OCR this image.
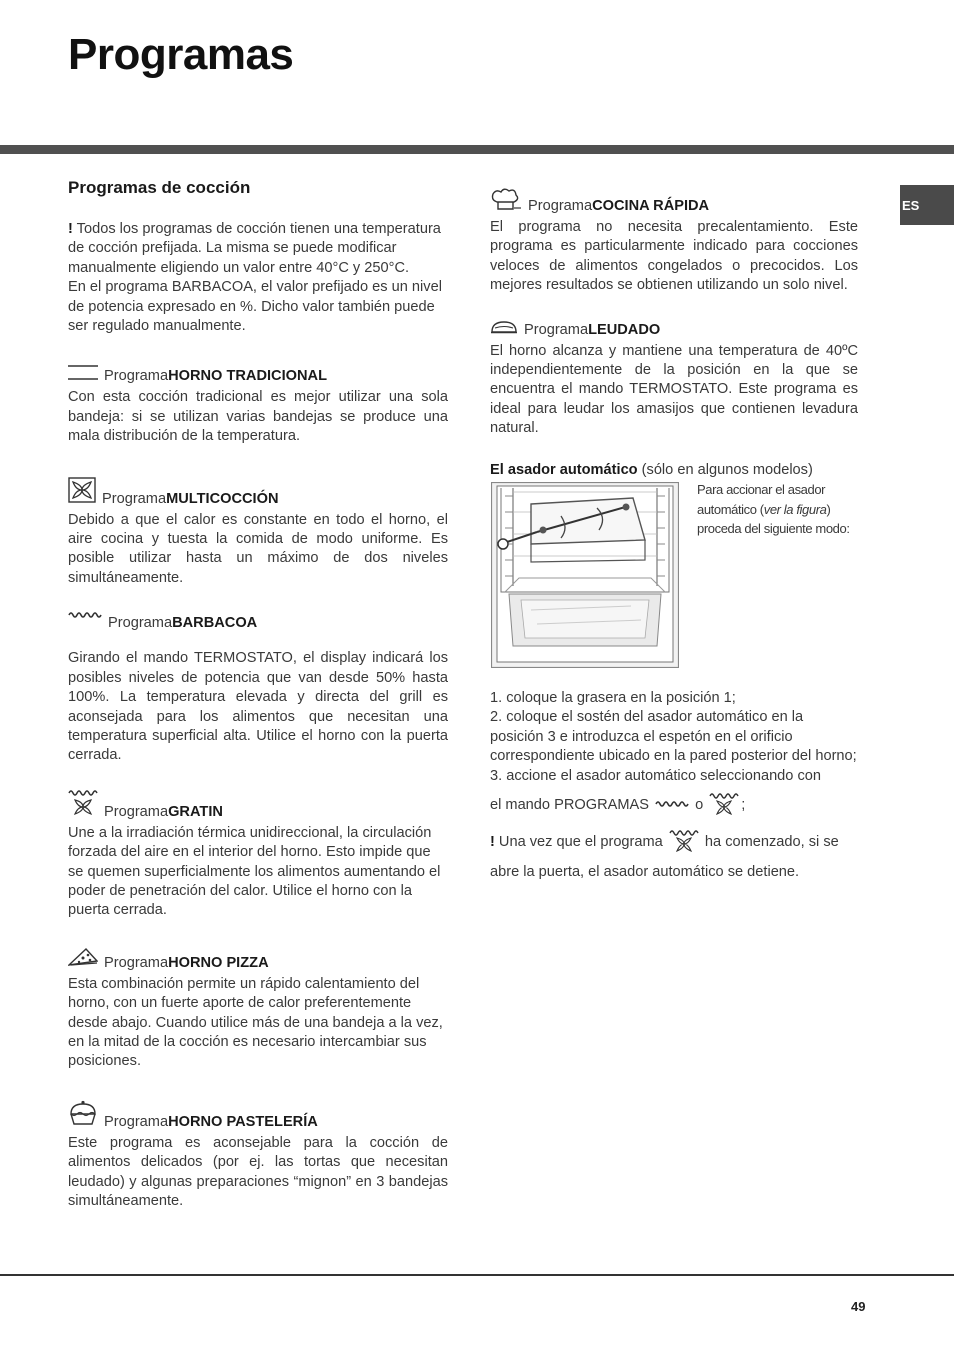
Programas
ES
Programas de cocción

! Todos los programas de cocción tienen una temperatura de cocción prefijada. La misma se puede modificar manualmente eligiendo un valor entre 40°C y 250°C.
En el programa BARBACOA, el valor prefijado es un nivel de potencia expresado en %. Dicho valor también puede ser regulado manualmente.

Programa HORNO TRADICIONAL

Con esta cocción tradicional es mejor utilizar una sola bandeja: si se utilizan varias bandejas se produce una mala distribución de la temperatura.

Programa MULTICOCCIÓN

Debido a que el calor es constante en todo el horno, el aire cocina y tuesta la comida de modo uniforme. Es posible utilizar hasta un máximo de dos niveles simultáneamente.

Programa BARBACOA

Girando el mando TERMOSTATO, el display indicará los posibles niveles de potencia que van desde 50% hasta 100%. La temperatura elevada y directa del grill es aconsejada para los alimentos que necesitan una temperatura superficial alta. Utilice el horno con la puerta cerrada.

Programa GRATIN

Une a la irradiación térmica unidireccional, la circulación forzada del aire en el interior del horno. Esto impide que se quemen superficialmente los alimentos aumentando el poder de penetración del calor. Utilice el horno con la puerta cerrada.

Programa HORNO PIZZA

Esta combinación permite un rápido calentamiento del horno, con un fuerte aporte de calor preferentemente desde abajo. Cuando utilice más de una bandeja a la vez, en la mitad de la cocción es necesario intercambiar sus posiciones.

Programa HORNO PASTELERÍA

Este programa es aconsejable para la cocción de alimentos delicados (por ej. las tortas que necesitan leudado) y algunas preparaciones “mignon” en 3 bandejas simultáneamente.

Programa COCINA RÁPIDA

El programa no necesita precalentamiento. Este programa es particularmente indicado para cocciones veloces de alimentos congelados o precocidos. Los mejores resultados se obtienen utilizando un solo nivel.

Programa LEUDADO

El horno alcanza y mantiene una temperatura de 40ºC independientemente de la posición en la que se encuentra el mando TERMOSTATO. Este programa es ideal para leudar los amasijos que contienen levadura natural.

El asador automático (sólo en algunos modelos)

Para accionar el asador automático (ver la figura) proceda del siguiente modo:

1. coloque la grasera en la posición 1;

2. coloque el sostén del asador automático en la posición 3 e introduzca el espetón en el orificio correspondiente ubicado en la pared posterior del horno;

3. accione el asador automático seleccionando con

el mando PROGRAMAS	o ;

! Una vez que el programa  ha comenzado, si se abre la puerta, el asador automático se detiene.

49
